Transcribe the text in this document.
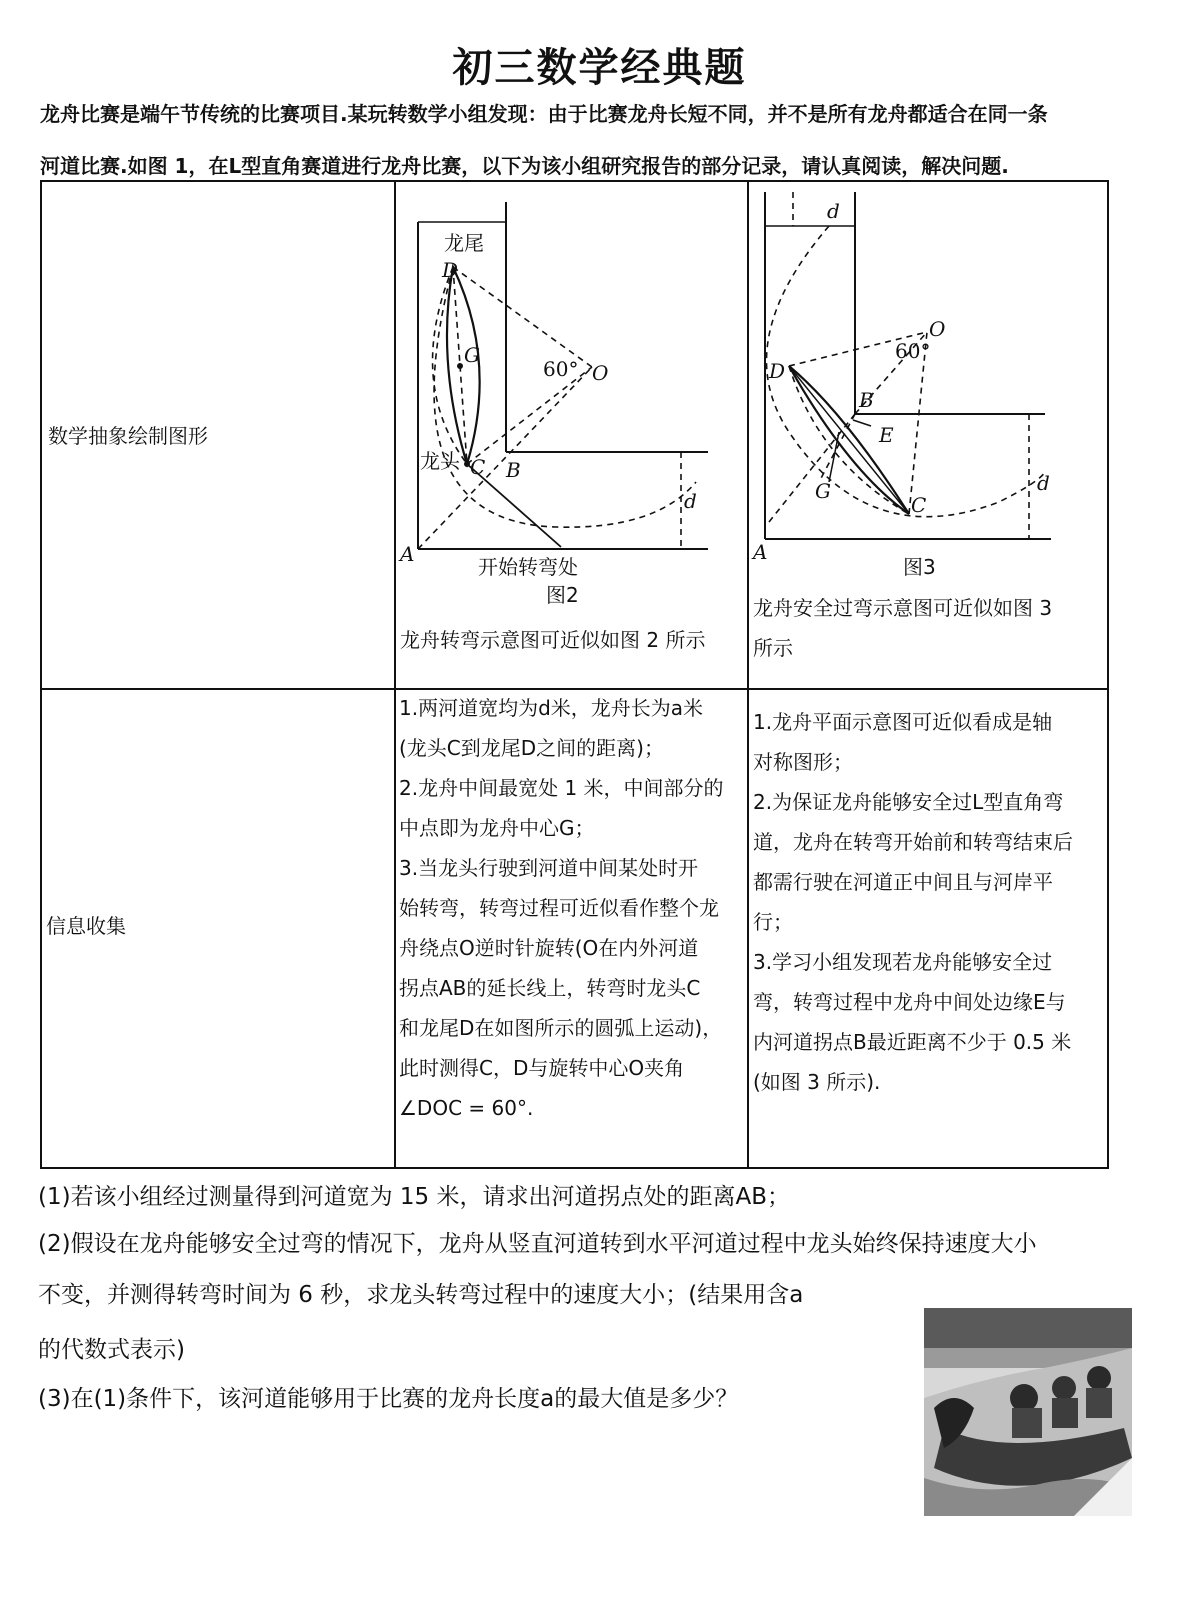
初三数学经典题
龙舟比赛是端午节传统的比赛项目.某玩转数学小组发现：由于比赛龙舟长短不同，并不是所有龙舟都适合在同一条
河道比赛.如图 1，在L型直角赛道进行龙舟比赛，以下为该小组研究报告的部分记录，请认真阅读，解决问题.
数学抽象绘制图形
信息收集
龙尾
D
G
龙头 C B
A
O
60°
d
开始转弯处
图2
龙舟转弯示意图可近似如图 2 所示
d
d
O
60°
D
B
E
G
C
A
图3
龙舟安全过弯示意图可近似如图 3
所示
1.两河道宽均为d米，龙舟长为a米
(龙头C到龙尾D之间的距离)；
2.龙舟中间最宽处 1 米，中间部分的
中点即为龙舟中心G；
3.当龙头行驶到河道中间某处时开
始转弯，转弯过程可近似看作整个龙
舟绕点O逆时针旋转(O在内外河道
拐点AB的延长线上，转弯时龙头C
和龙尾D在如图所示的圆弧上运动)，
此时测得C，D与旋转中心O夹角
∠DOC = 60°.
1.龙舟平面示意图可近似看成是轴
对称图形；
2.为保证龙舟能够安全过L型直角弯
道，龙舟在转弯开始前和转弯结束后
都需行驶在河道正中间且与河岸平
行；
3.学习小组发现若龙舟能够安全过
弯，转弯过程中龙舟中间处边缘E与
内河道拐点B最近距离不少于 0.5 米
(如图 3 所示).
(1)若该小组经过测量得到河道宽为 15 米，请求出河道拐点处的距离AB；
(2)假设在龙舟能够安全过弯的情况下，龙舟从竖直河道转到水平河道过程中龙头始终保持速度大小
不变，并测得转弯时间为 6 秒，求龙头转弯过程中的速度大小；(结果用含a
的代数式表示)
(3)在(1)条件下，该河道能够用于比赛的龙舟长度a的最大值是多少？
